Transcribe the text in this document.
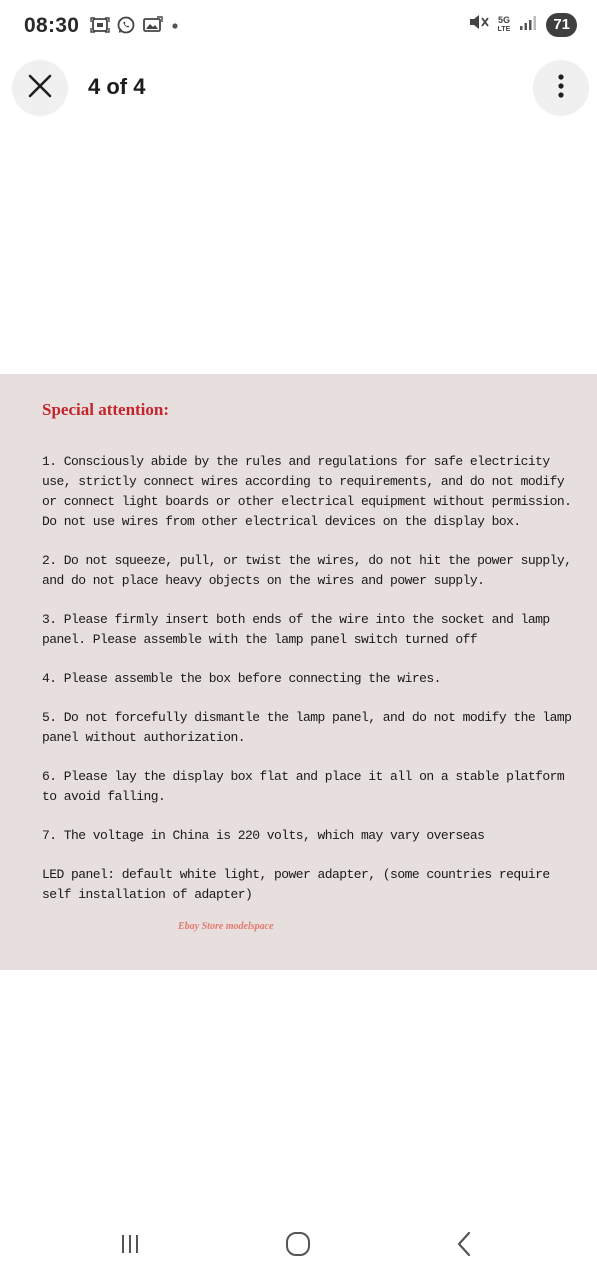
08:30	5G
LTE	71
4 of 4
Special attention:

1. Consciously abide by the rules and regulations for safe electricity use, strictly connect wires according to requirements, and do not modify or connect light boards or other electrical equipment without permission. Do not use wires from other electrical devices on the display box.

2. Do not squeeze, pull, or twist the wires, do not hit the power supply, and do not place heavy objects on the wires and power supply.

3. Please firmly insert both ends of the wire into the socket and lamp panel. Please assemble with the lamp panel switch turned off

4. Please assemble the box before connecting the wires.

5. Do not forcefully dismantle the lamp panel, and do not modify the lamp panel without authorization.

6. Please lay the display box flat and place it all on a stable platform to avoid falling.

7. The voltage in China is 220 volts, which may vary overseas

LED panel: default white light, power adapter, (some countries require self installation of adapter)

Ebay Store modelspace
